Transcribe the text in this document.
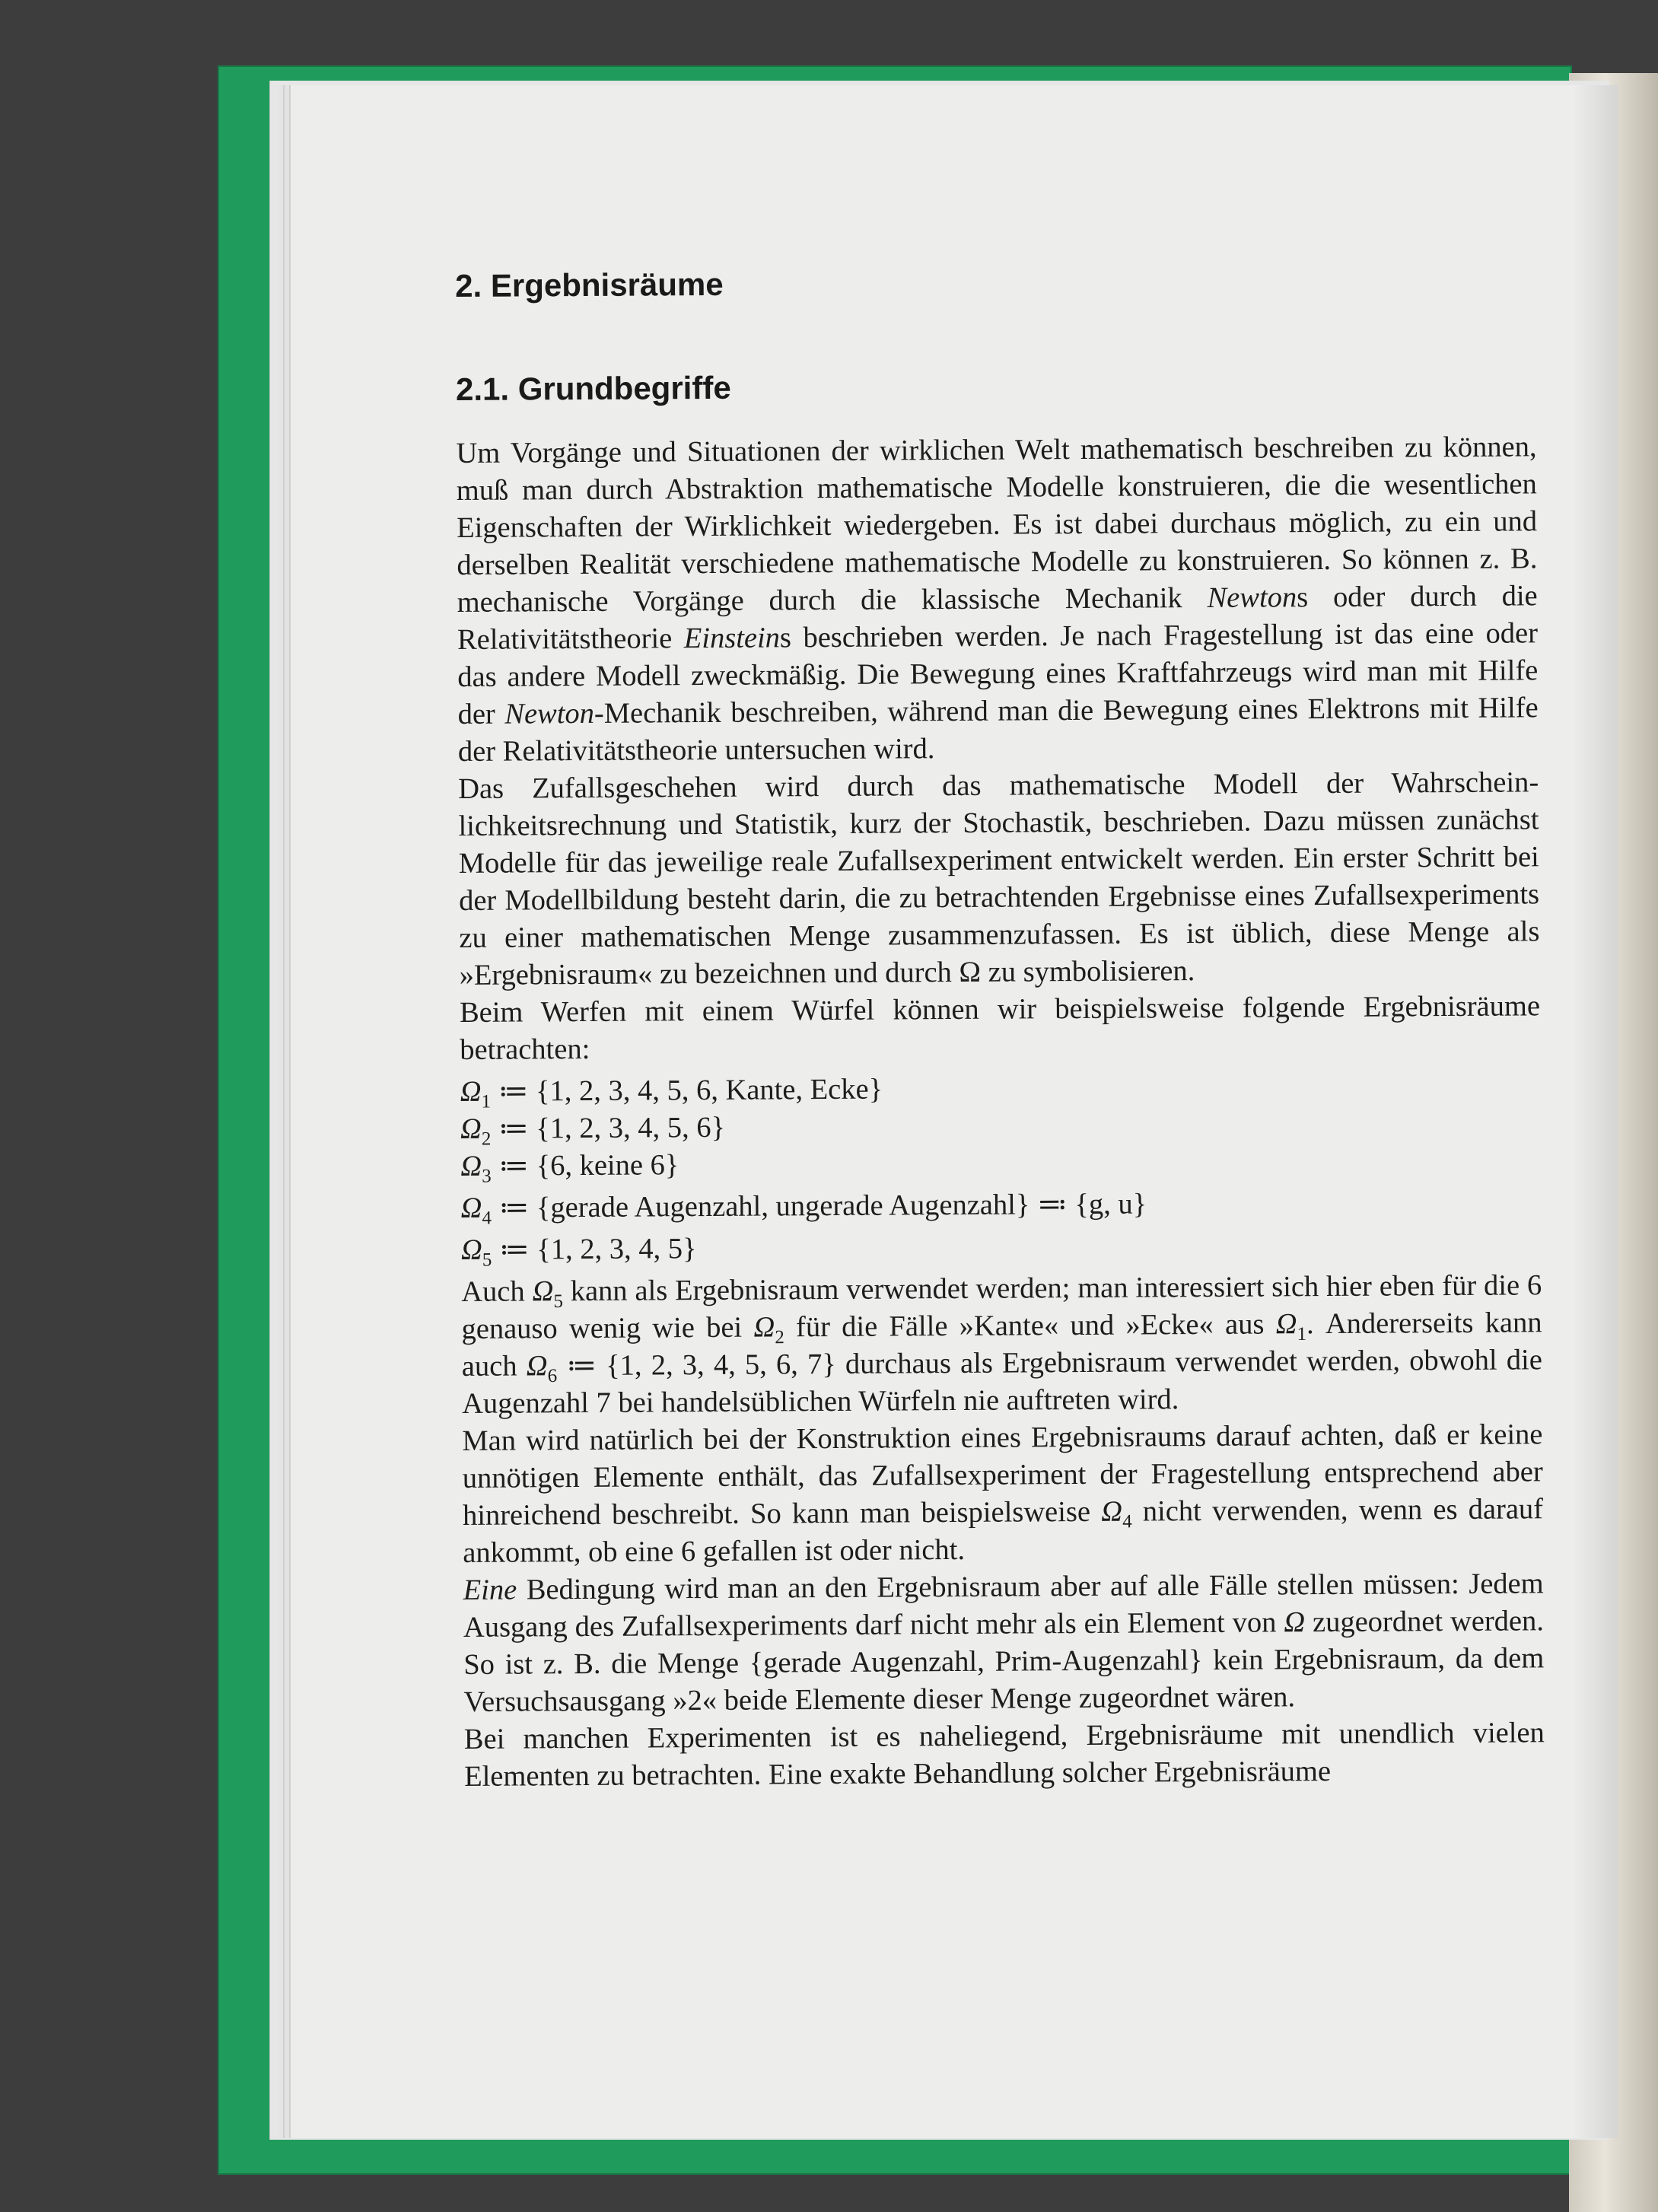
2. Ergebnisräume
2.1. Grundbegriffe

Um Vorgänge und Situationen der wirklichen Welt mathematisch beschreiben zu können, muß man durch Abstraktion mathematische Modelle konstruieren, die die wesentlichen Eigenschaften der Wirklichkeit wiedergeben. Es ist dabei durchaus möglich, zu ein und derselben Realität verschiedene mathematische Modelle zu konstruieren. So können z. B. mechanische Vorgänge durch die klassische Mechanik Newtons oder durch die Relativitätstheorie Einsteins beschrieben werden. Je nach Fragestellung ist das eine oder das andere Modell zweckmäßig. Die Bewegung eines Kraftfahrzeugs wird man mit Hilfe der Newton-Mechanik beschreiben, während man die Bewegung eines Elektrons mit Hilfe der Relativitätstheorie untersuchen wird.

Das Zufallsgeschehen wird durch das mathematische Modell der Wahrscheinlichkeitsrechnung und Statistik, kurz der Stochastik, beschrieben. Dazu müssen zunächst Modelle für das jeweilige reale Zufallsexperiment entwickelt werden. Ein erster Schritt bei der Modellbildung besteht darin, die zu betrachtenden Ergebnisse eines Zufallsexperiments zu einer mathematischen Menge zusammenzufassen. Es ist üblich, diese Menge als »Ergebnisraum« zu bezeichnen und durch Ω zu symbolisieren.

Beim Werfen mit einem Würfel können wir beispielsweise folgende Ergebnisräume betrachten:

$\Omega_1$ ≔ {1, 2, 3, 4, 5, 6, Kante, Ecke}
$\Omega_2$ ≔ {1, 2, 3, 4, 5, 6}
$\Omega_3$ ≔ {6, keine 6}
$\Omega_4$ ≔ {gerade Augenzahl, ungerade Augenzahl} ≕ {g, u}
$\Omega_5$ ≔ {1, 2, 3, 4, 5}

Auch $\Omega_5$ kann als Ergebnisraum verwendet werden; man interessiert sich hier eben für die 6 genauso wenig wie bei $\Omega_2$ für die Fälle »Kante« und »Ecke« aus $\Omega_1$. Andererseits kann auch $\Omega_6$ ≔ {1, 2, 3, 4, 5, 6, 7} durchaus als Ergebnisraum verwendet werden, obwohl die Augenzahl 7 bei handelsüblichen Würfeln nie auftreten wird.

Man wird natürlich bei der Konstruktion eines Ergebnisraums darauf achten, daß er keine unnötigen Elemente enthält, das Zufallsexperiment der Fragestellung entsprechend aber hinreichend beschreibt. So kann man beispielsweise $\Omega_4$ nicht verwenden, wenn es darauf ankommt, ob eine 6 gefallen ist oder nicht.

Eine Bedingung wird man an den Ergebnisraum aber auf alle Fälle stellen müssen: Jedem Ausgang des Zufallsexperiments darf nicht mehr als ein Element von Ω zugeordnet werden. So ist z. B. die Menge {gerade Augenzahl, Prim-Augenzahl} kein Ergebnisraum, da dem Versuchsausgang »2« beide Elemente dieser Menge zugeordnet wären.

Bei manchen Experimenten ist es naheliegend, Ergebnisräume mit unendlich vielen Elementen zu betrachten. Eine exakte Behandlung solcher Ergebnisräume
